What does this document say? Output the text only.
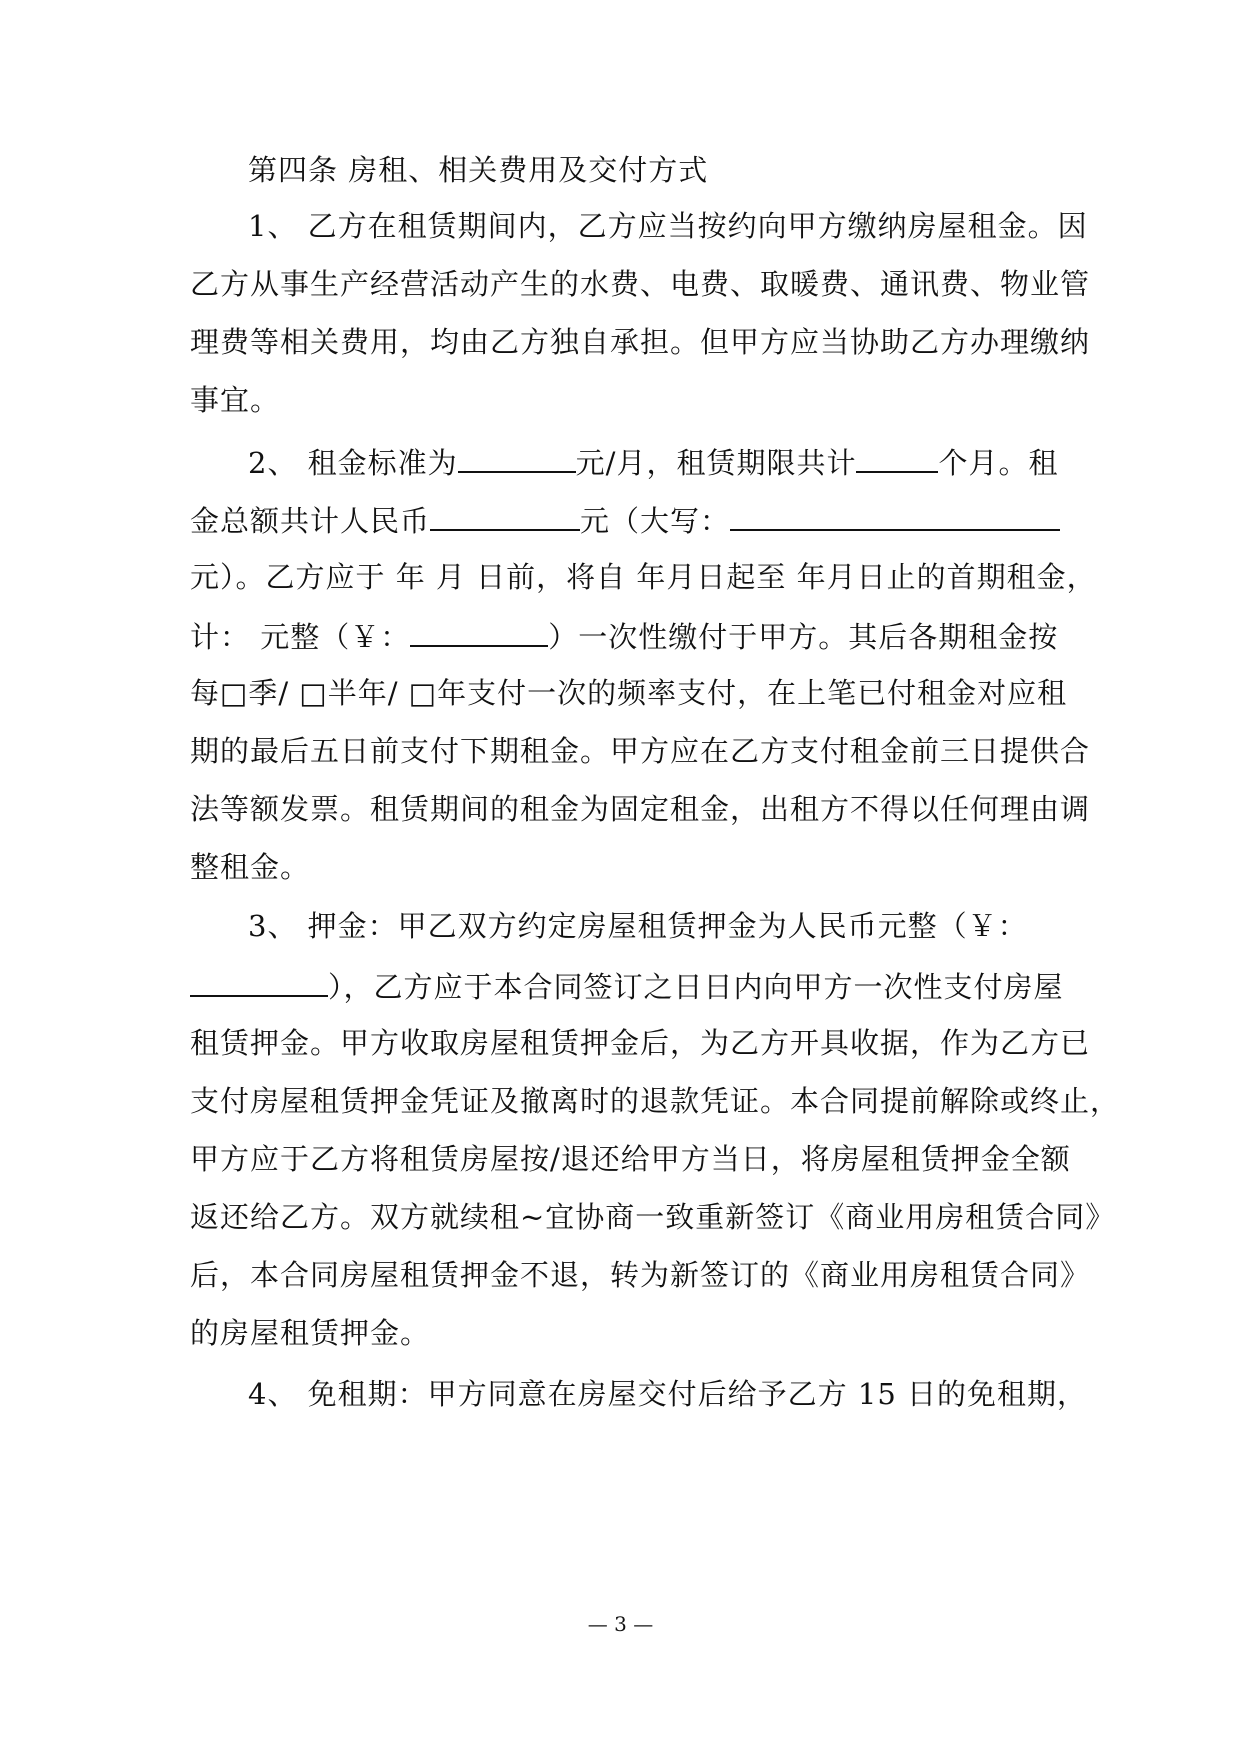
第四条 房租、相关费用及交付方式
1、 乙方在租赁期间内，乙方应当按约向甲方缴纳房屋租金。因
乙方从事生产经营活动产生的水费、电费、取暖费、通讯费、物业管
理费等相关费用，均由乙方独自承担。但甲方应当协助乙方办理缴纳
事宜。
2、 租金标准为	元/月，租赁期限共计	个月。租
金总额共计人民币	元（大写：
元）。乙方应于 年 月 日前，将自 年月日起至 年月日止的首期租金，
计： 元整（￥：	）一次性缴付于甲方。其后各期租金按
每□季/ □半年/ □年支付一次的频率支付，在上笔已付租金对应租
期的最后五日前支付下期租金。甲方应在乙方支付租金前三日提供合
法等额发票。租赁期间的租金为固定租金，出租方不得以任何理由调
整租金。
3、 押金：甲乙双方约定房屋租赁押金为人民币元整（￥：
），乙方应于本合同签订之日日内向甲方一次性支付房屋
租赁押金。甲方收取房屋租赁押金后，为乙方开具收据，作为乙方已
支付房屋租赁押金凭证及撤离时的退款凭证。本合同提前解除或终止，
甲方应于乙方将租赁房屋按/退还给甲方当日，将房屋租赁押金全额
返还给乙方。双方就续租~宜协商一致重新签订《商业用房租赁合同》
后，本合同房屋租赁押金不退，转为新签订的《商业用房租赁合同》
的房屋租赁押金。
4、 免租期：甲方同意在房屋交付后给予乙方 15 日的免租期，
— 3 —
